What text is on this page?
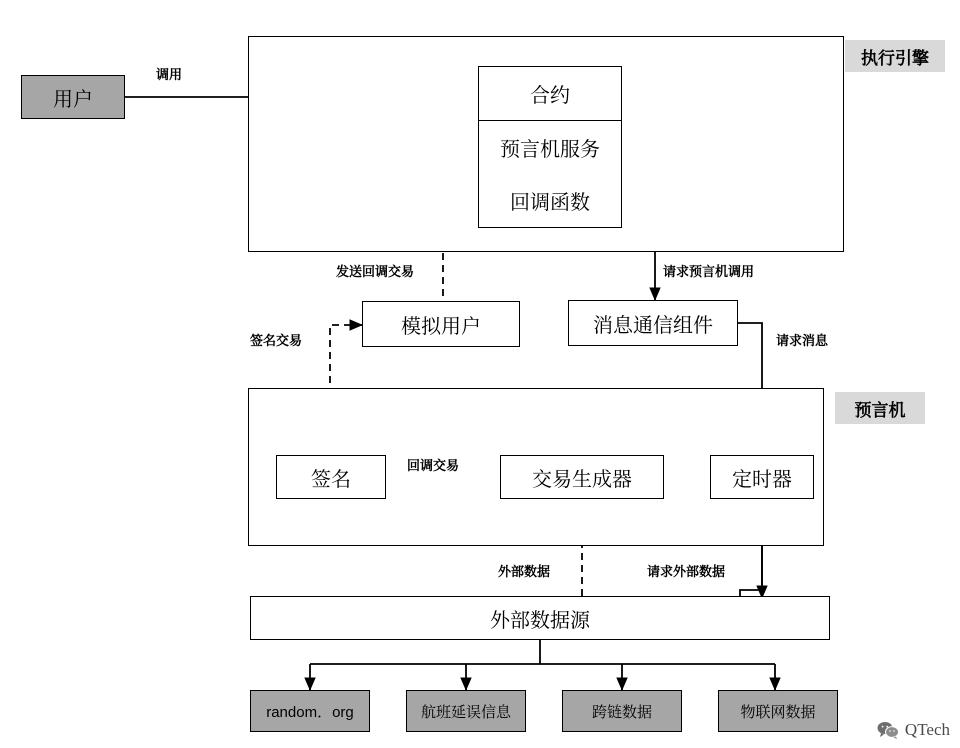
执行引擎
预言机
用户	合约
预言机服务
回调函数
模拟用户	消息通信组件
签名	交易生成器	定时器
外部数据源
调用
发送回调交易	请求预言机调用
签名交易	请求消息
回调交易
外部数据	请求外部数据
random．org	航班延误信息	跨链数据	物联网数据
QTech
